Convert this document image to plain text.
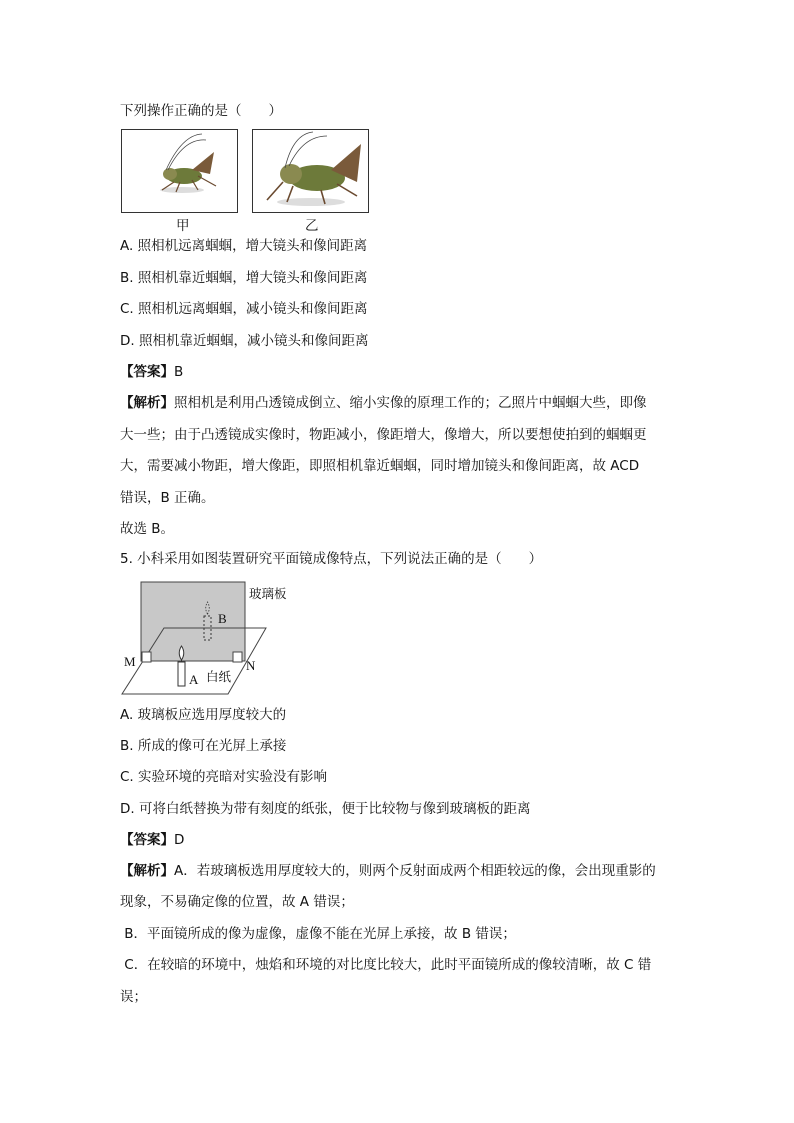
下列操作正确的是（　　）
甲	乙
A. 照相机远离蝈蝈，增大镜头和像间距离
B. 照相机靠近蝈蝈，增大镜头和像间距离
C. 照相机远离蝈蝈，减小镜头和像间距离
D. 照相机靠近蝈蝈，减小镜头和像间距离
【答案】B
【解析】照相机是利用凸透镜成倒立、缩小实像的原理工作的；乙照片中蝈蝈大些，即像
大一些；由于凸透镜成实像时，物距减小，像距增大，像增大，所以要想使拍到的蝈蝈更
大，需要减小物距，增大像距，即照相机靠近蝈蝈，同时增加镜头和像间距离，故 ACD
错误，B 正确。
故选 B。
5. 小科采用如图装置研究平面镜成像特点，下列说法正确的是（　　）
玻璃板
B
M	N
A 白纸
A. 玻璃板应选用厚度较大的
B. 所成的像可在光屏上承接
C. 实验环境的亮暗对实验没有影响
D. 可将白纸替换为带有刻度的纸张，便于比较物与像到玻璃板的距离
【答案】D
【解析】A．若玻璃板选用厚度较大的，则两个反射面成两个相距较远的像，会出现重影的
现象，不易确定像的位置，故 A 错误；
B．平面镜所成的像为虚像，虚像不能在光屏上承接，故 B 错误；
C．在较暗的环境中，烛焰和环境的对比度比较大，此时平面镜所成的像较清晰，故 C 错
误；
